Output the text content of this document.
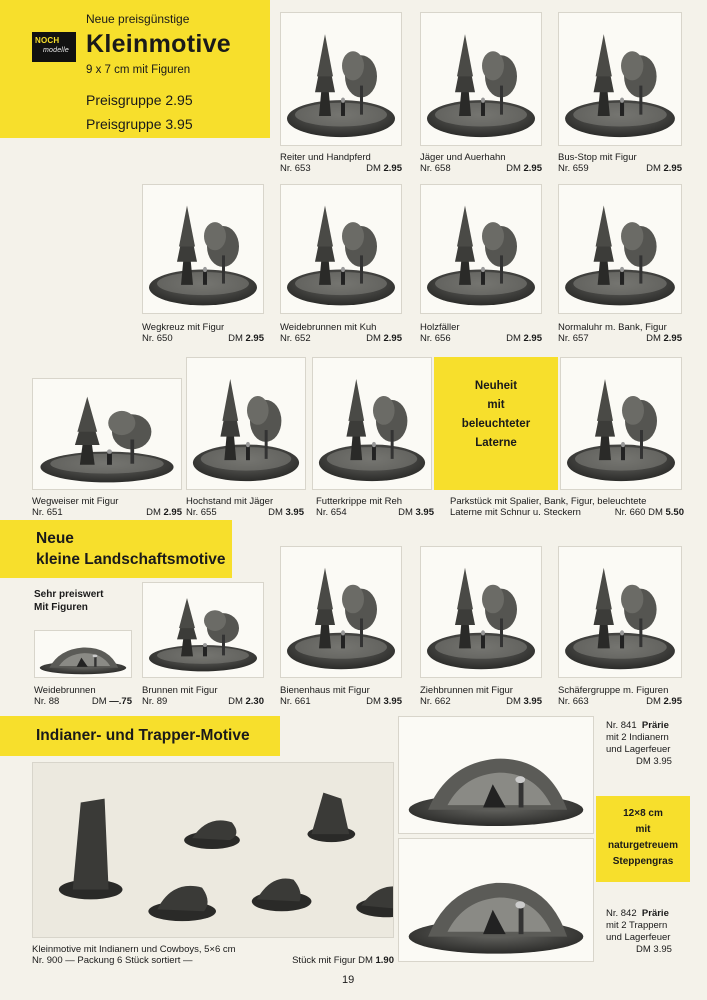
NOCH
modelle
Neue preisgünstige
Kleinmotive
9 x 7 cm mit Figuren
Preisgruppe 2.95
Preisgruppe 3.95
Reiter und Handpferd
Nr. 653	DM 2.95
Jäger und Auerhahn
Nr. 658	DM 2.95
Bus-Stop mit Figur
Nr. 659	DM 2.95
Wegkreuz mit Figur
Nr. 650	DM 2.95
Weidebrunnen mit Kuh
Nr. 652	DM 2.95
Holzfäller
Nr. 656	DM 2.95
Normaluhr m. Bank, Figur
Nr. 657	DM 2.95
Neuheit
mit
beleuchteter
Laterne
Wegweiser mit Figur
Nr. 651	DM 2.95
Hochstand mit Jäger
Nr. 655	DM 3.95
Futterkrippe mit Reh
Nr. 654	DM 3.95
Parkstück mit Spalier, Bank, Figur, beleuchtete
Laterne mit Schnur u. Steckern	Nr. 660 DM 5.50
Neue
kleine Landschaftsmotive
Sehr preiswert
Mit Figuren
Weidebrunnen
Nr. 88	DM —.75
Brunnen mit Figur
Nr. 89	DM 2.30
Bienenhaus mit Figur
Nr. 661	DM 3.95
Ziehbrunnen mit Figur
Nr. 662	DM 3.95
Schäfergruppe m. Figuren
Nr. 663	DM 2.95
Indianer- und Trapper-Motive
Kleinmotive mit Indianern und Cowboys, 5×6 cm
Nr. 900 — Packung 6 Stück sortiert —	Stück mit Figur DM 1.90
Nr. 841 Prärie
mit 2 Indianern
und Lagerfeuer
DM 3.95
12×8 cm
mit
naturgetreuem
Steppengras
Nr. 842 Prärie
mit 2 Trappern
und Lagerfeuer
DM 3.95
19
